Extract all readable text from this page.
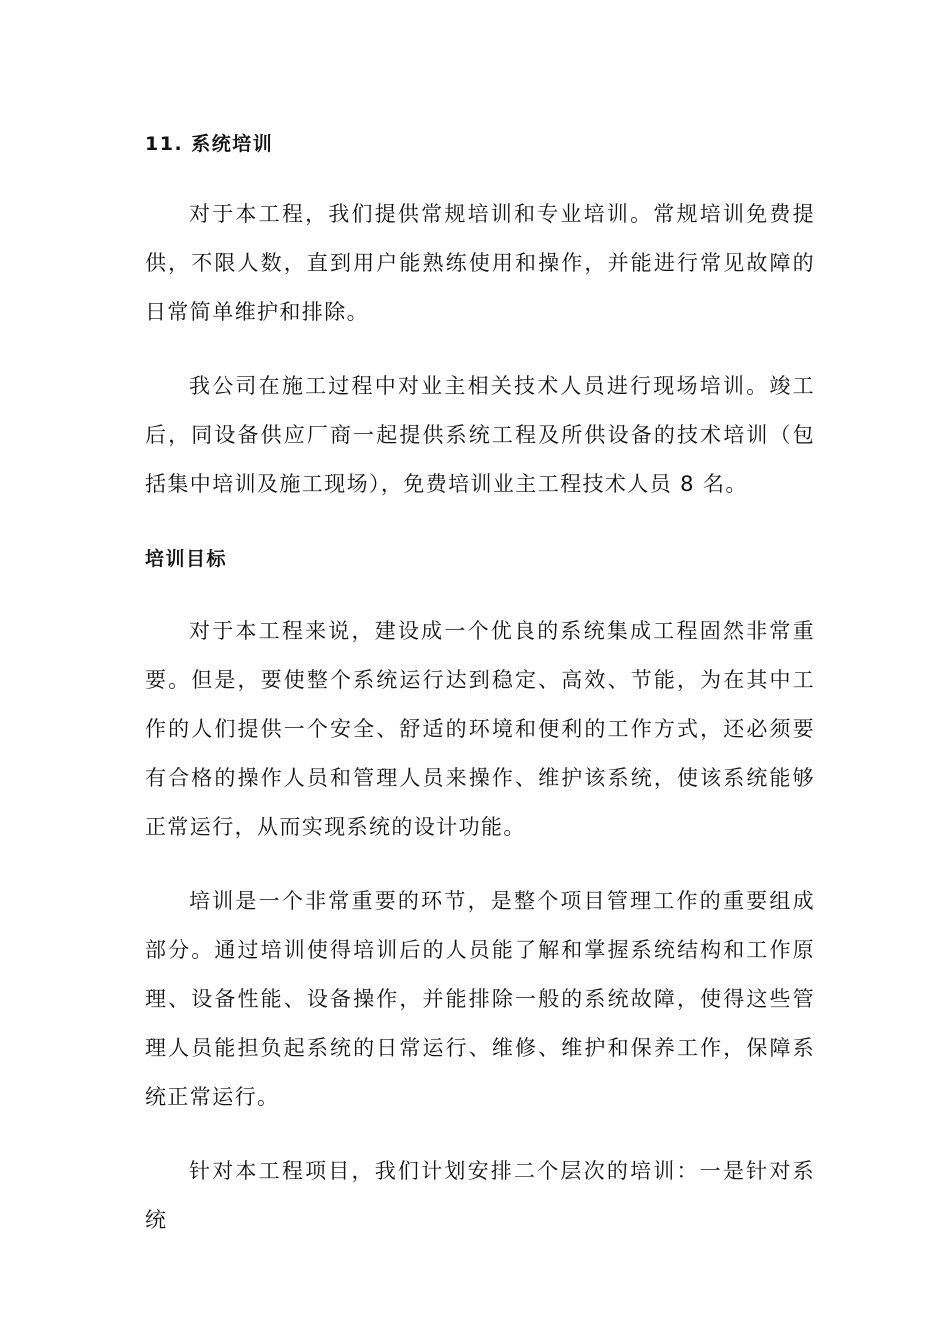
11. 系统培训

对于本工程，我们提供常规培训和专业培训。常规培训免费提供，不限人数，直到用户能熟练使用和操作，并能进行常见故障的日常简单维护和排除。

我公司在施工过程中对业主相关技术人员进行现场培训。竣工后，同设备供应厂商一起提供系统工程及所供设备的技术培训（包括集中培训及施工现场），免费培训业主工程技术人员 8 名。

培训目标

对于本工程来说，建设成一个优良的系统集成工程固然非常重要。但是，要使整个系统运行达到稳定、高效、节能，为在其中工作的人们提供一个安全、舒适的环境和便利的工作方式，还必须要有合格的操作人员和管理人员来操作、维护该系统，使该系统能够正常运行，从而实现系统的设计功能。

培训是一个非常重要的环节，是整个项目管理工作的重要组成部分。通过培训使得培训后的人员能了解和掌握系统结构和工作原理、设备性能、设备操作，并能排除一般的系统故障，使得这些管理人员能担负起系统的日常运行、维修、维护和保养工作，保障系统正常运行。

针对本工程项目，我们计划安排二个层次的培训：一是针对系统
